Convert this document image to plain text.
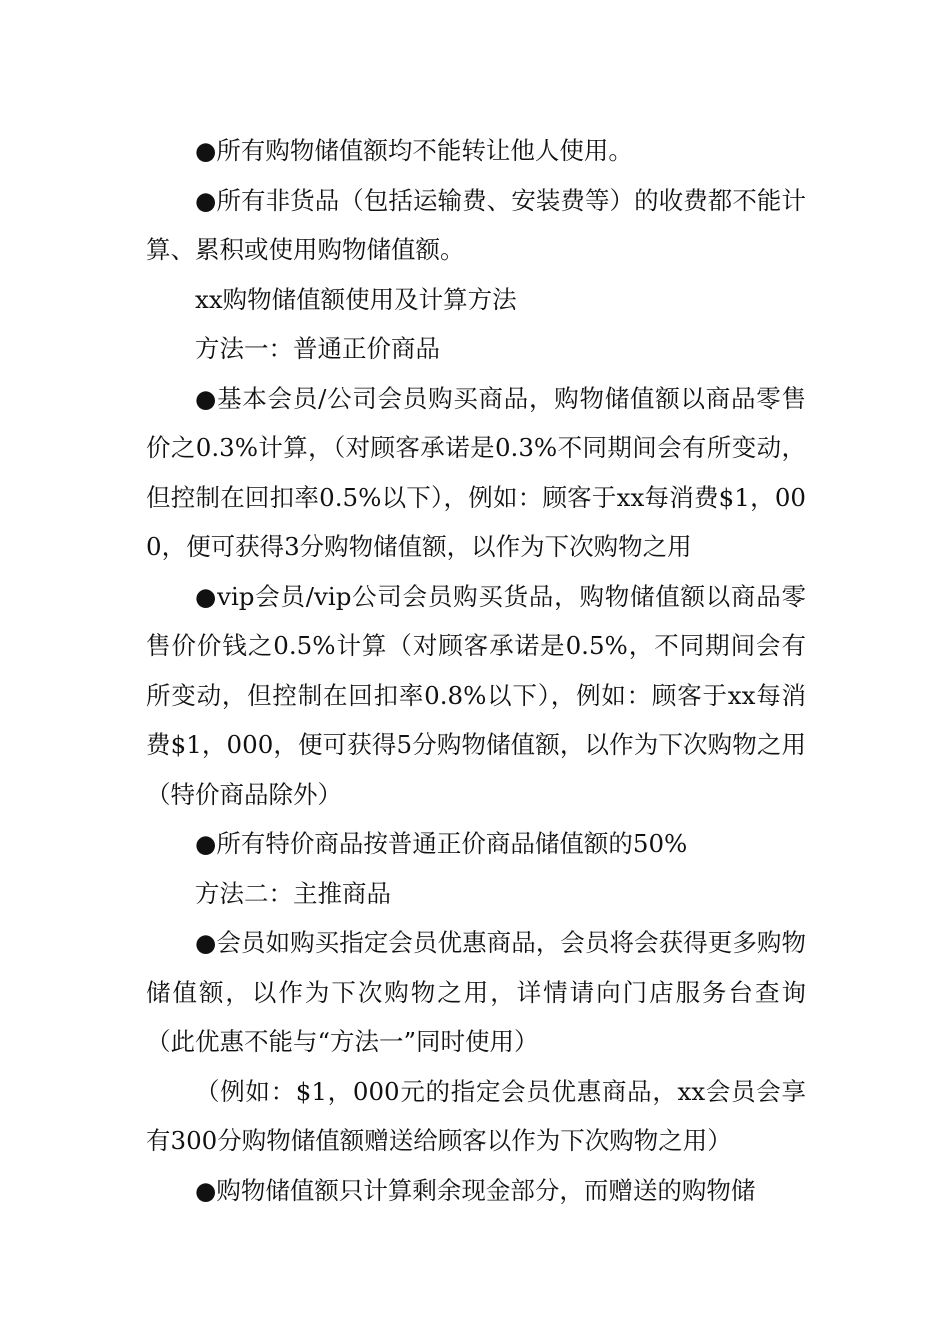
●所有购物储值额均不能转让他人使用。

●所有非货品（包括运输费、安装费等）的收费都不能计算、累积或使用购物储值额。

xx购物储值额使用及计算方法

方法一：普通正价商品

●基本会员/公司会员购买商品，购物储值额以商品零售价之0.3%计算，（对顾客承诺是0.3%不同期间会有所变动，但控制在回扣率0.5%以下），例如：顾客于xx每消费$1，000，便可获得3分购物储值额，以作为下次购物之用

●vip会员/vip公司会员购买货品，购物储值额以商品零售价价钱之0.5%计算（对顾客承诺是0.5%，不同期间会有所变动，但控制在回扣率0.8%以下），例如：顾客于xx每消费$1，000，便可获得5分购物储值额，以作为下次购物之用（特价商品除外）

●所有特价商品按普通正价商品储值额的50%

方法二：主推商品

●会员如购买指定会员优惠商品，会员将会获得更多购物储值额，以作为下次购物之用，详情请向门店服务台查询（此优惠不能与“方法一”同时使用）

（例如：$1，000元的指定会员优惠商品，xx会员会享有300分购物储值额赠送给顾客以作为下次购物之用）

●购物储值额只计算剩余现金部分，而赠送的购物储
